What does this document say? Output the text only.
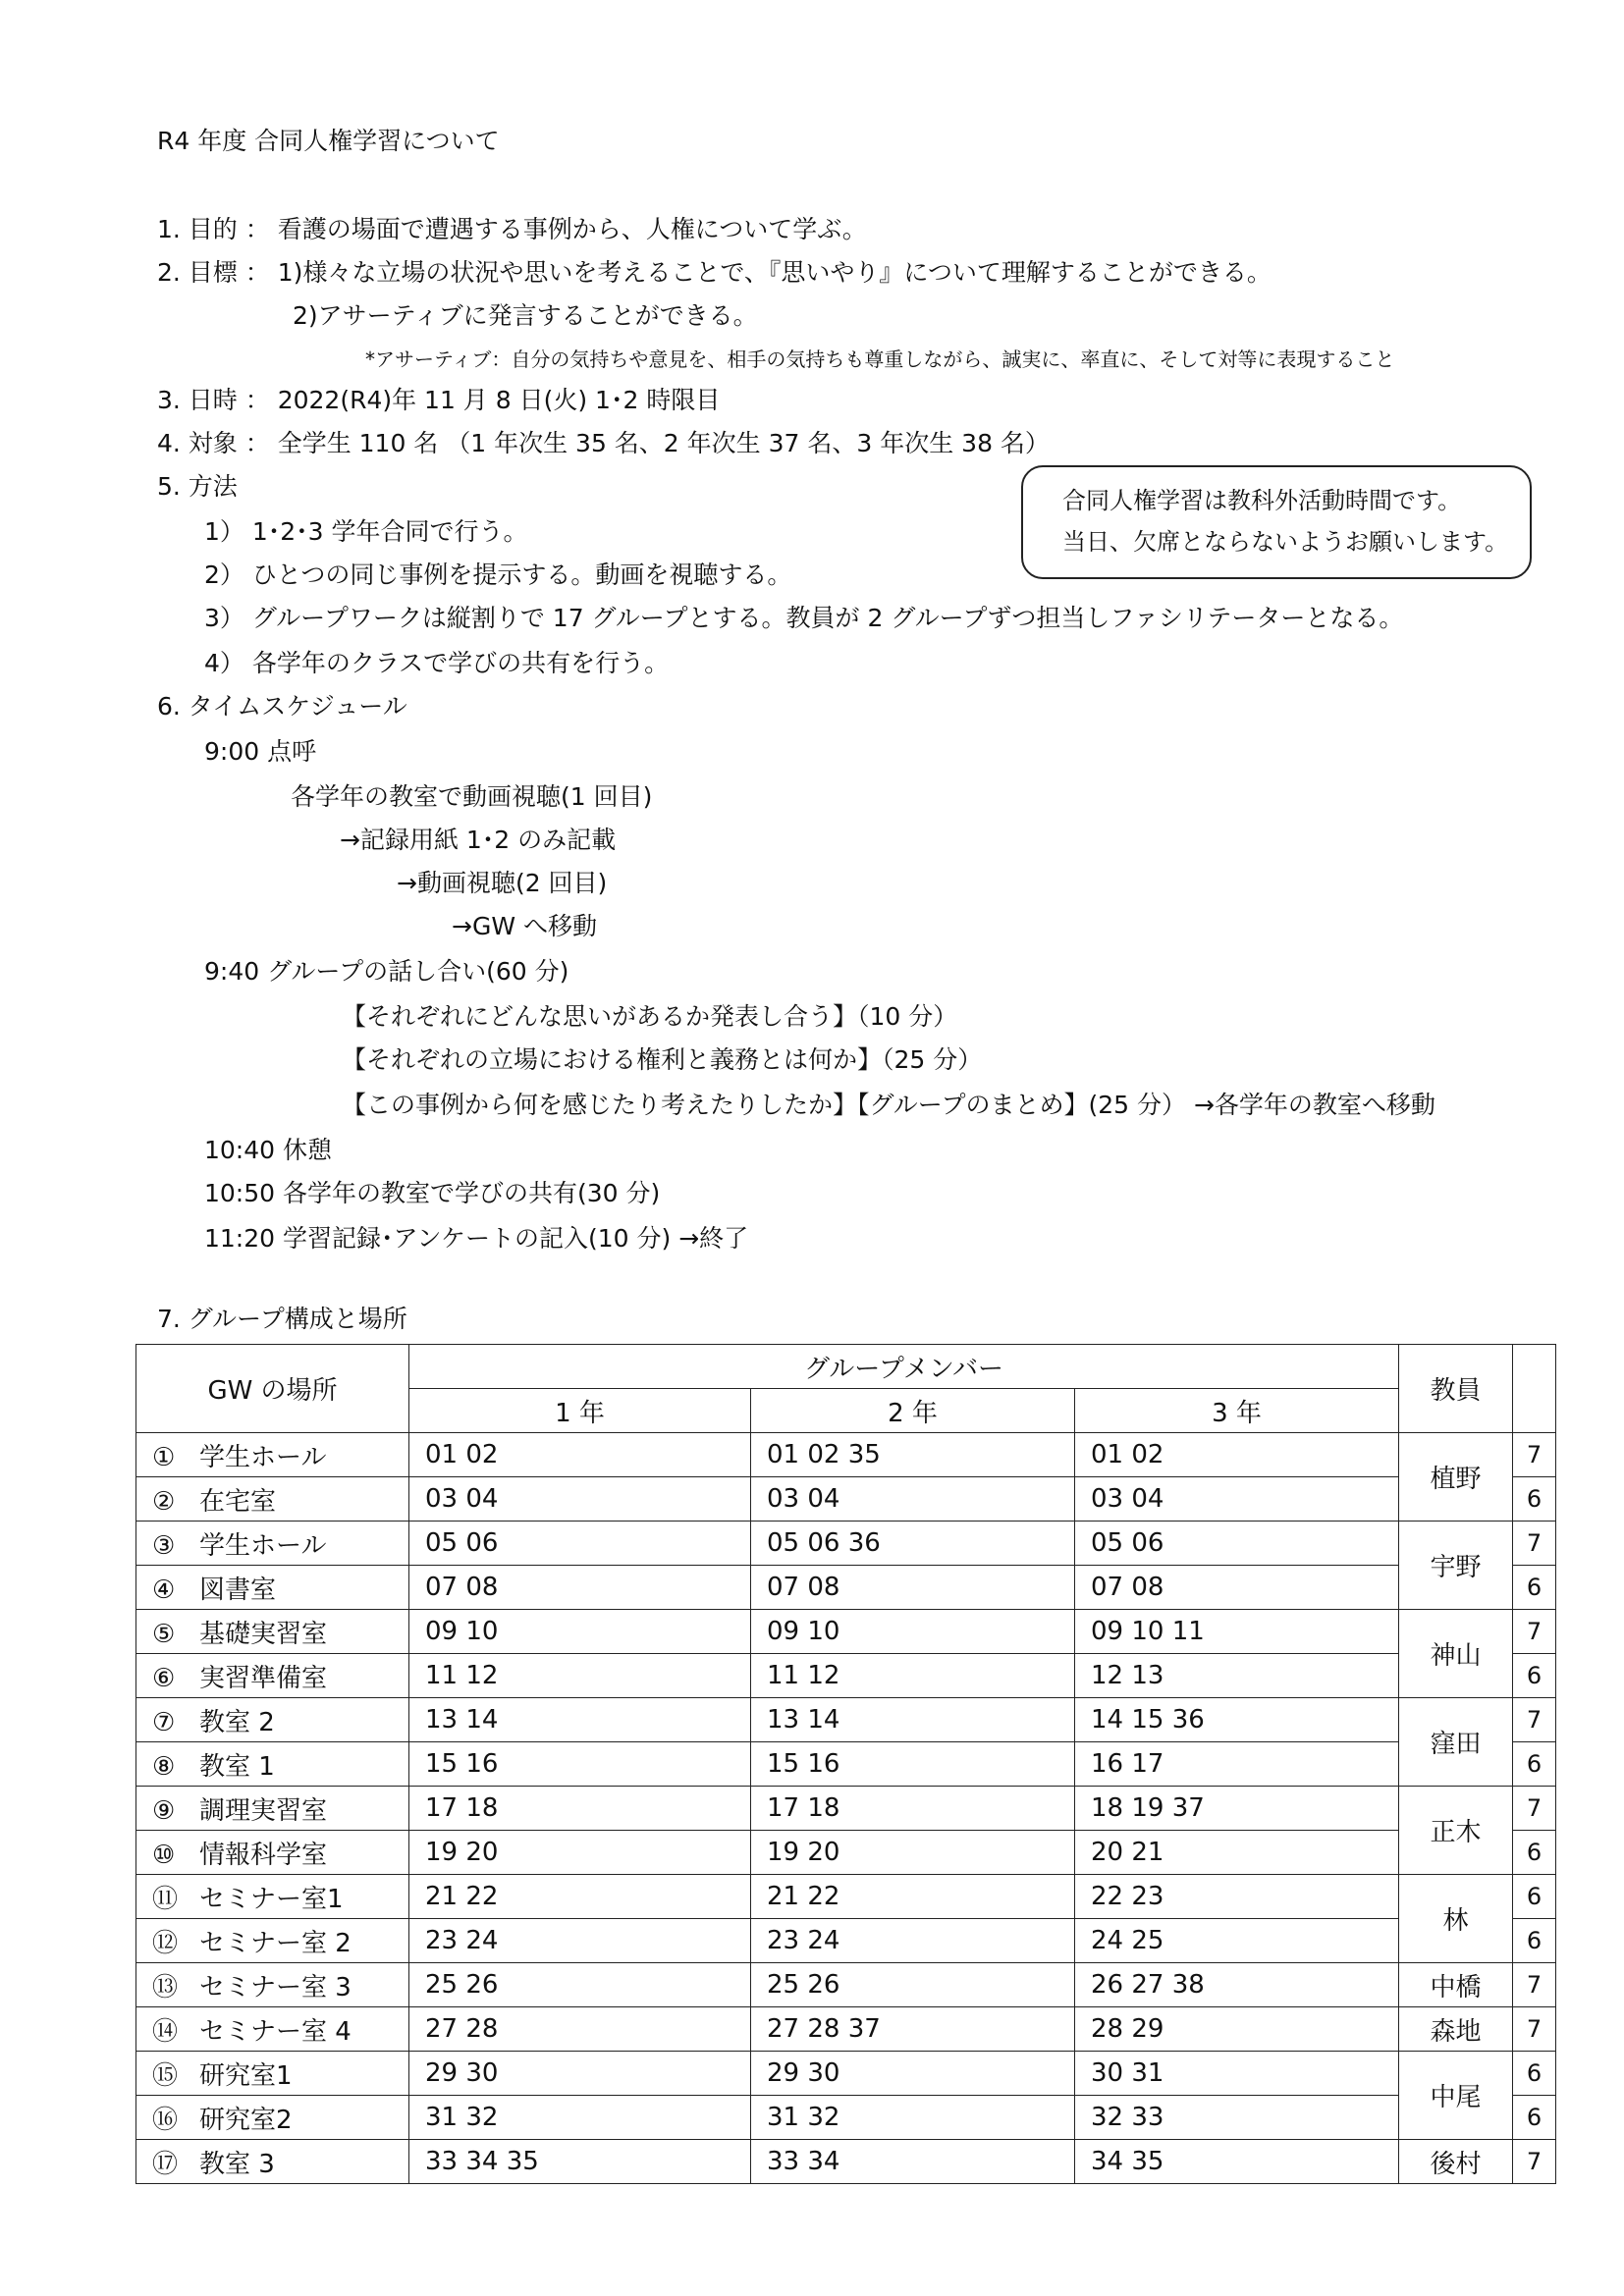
R4 年度 合同人権学習について
1. 目的 ： 看護の場面で遭遇する事例から、人権について学ぶ。
2. 目標 ： 1)様々な立場の状況や思いを考えることで、『思いやり』について理解することができる。
2)アサーティブに発言することができる。
*アサーティブ：自分の気持ちや意見を、相手の気持ちも尊重しながら、誠実に、率直に、そして対等に表現すること
3. 日時 ： 2022(R4)年 11 月 8 日(火) 1･2 時限目
4. 対象 ： 全学生 110 名 （1 年次生 35 名、2 年次生 37 名、3 年次生 38 名）
5. 方法
1） 1･2･3 学年合同で行う。
2） ひとつの同じ事例を提示する。動画を視聴する。
3） グループワークは縦割りで 17 グループとする。教員が 2 グループずつ担当しファシリテーターとなる。
4） 各学年のクラスで学びの共有を行う。
合同人権学習は教科外活動時間です。
当日、欠席とならないようお願いします。
6. タイムスケジュール
9:00 点呼
各学年の教室で動画視聴(1 回目)
→記録用紙 1･2 のみ記載
→動画視聴(2 回目)
→GW へ移動
9:40 グループの話し合い(60 分)
【それぞれにどんな思いがあるか発表し合う】（10 分）
【それぞれの立場における権利と義務とは何か】（25 分）
【この事例から何を感じたり考えたりしたか】【グループのまとめ】(25 分） →各学年の教室へ移動
10:40 休憩
10:50 各学年の教室で学びの共有(30 分)
11:20 学習記録･アンケートの記入(10 分) →終了
7. グループ構成と場所
GW の場所	グループメンバー			教員	
	1 年	2 年	3 年		
① 学生ホール	01 02	01 02 35	01 02	植野	7
② 在宅室	03 04	03 04	03 04		6
③ 学生ホール	05 06	05 06 36	05 06	宇野	7
④ 図書室	07 08	07 08	07 08		6
⑤ 基礎実習室	09 10	09 10	09 10 11	神山	7
⑥ 実習準備室	11 12	11 12	12 13		6
⑦ 教室 2	13 14	13 14	14 15 36	窪田	7
⑧ 教室 1	15 16	15 16	16 17		6
⑨ 調理実習室	17 18	17 18	18 19 37	正木	7
⑩ 情報科学室	19 20	19 20	20 21		6
⑪ セミナー室1	21 22	21 22	22 23	林	6
⑫ セミナー室 2	23 24	23 24	24 25		6
⑬ セミナー室 3	25 26	25 26	26 27 38	中橋	7
⑭ セミナー室 4	27 28	27 28 37	28 29	森地	7
⑮ 研究室1	29 30	29 30	30 31	中尾	6
⑯ 研究室2	31 32	31 32	32 33		6
⑰ 教室 3	33 34 35	33 34	34 35	後村	7
